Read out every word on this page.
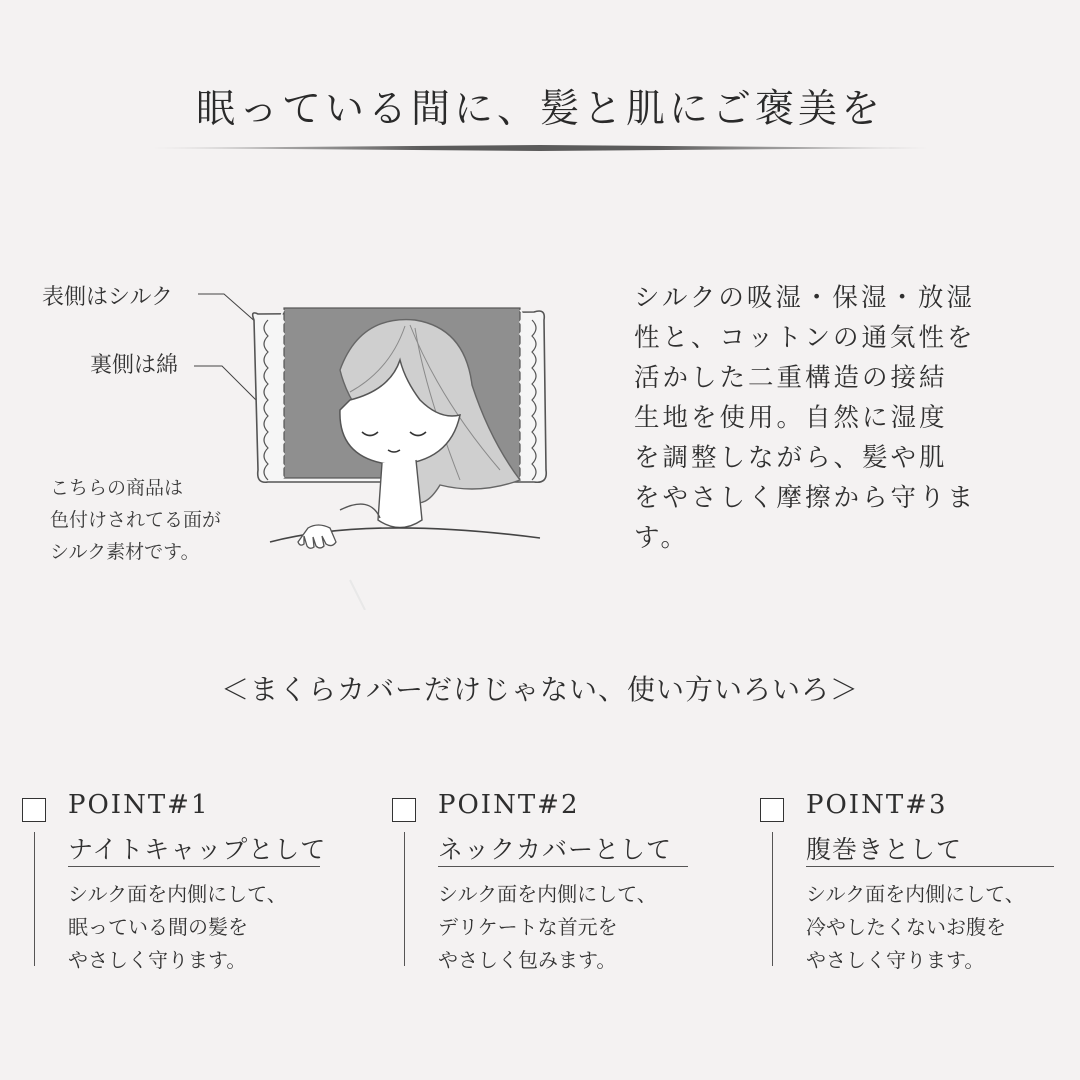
眠っている間に、髪と肌にご褒美を
表側はシルク
裏側は綿
こちらの商品は
色付けされてる面が
シルク素材です。
シルクの吸湿・保湿・放湿
性と、コットンの通気性を
活かした二重構造の接結
生地を使用。自然に湿度
を調整しながら、髪や肌
をやさしく摩擦から守りま
す。
＜まくらカバーだけじゃない、使い方いろいろ＞
POINT#1
ナイトキャップとして
シルク面を内側にして、
眠っている間の髪を
やさしく守ります。
POINT#2
ネックカバーとして
シルク面を内側にして、
デリケートな首元を
やさしく包みます。
POINT#3
腹巻きとして
シルク面を内側にして、
冷やしたくないお腹を
やさしく守ります。
